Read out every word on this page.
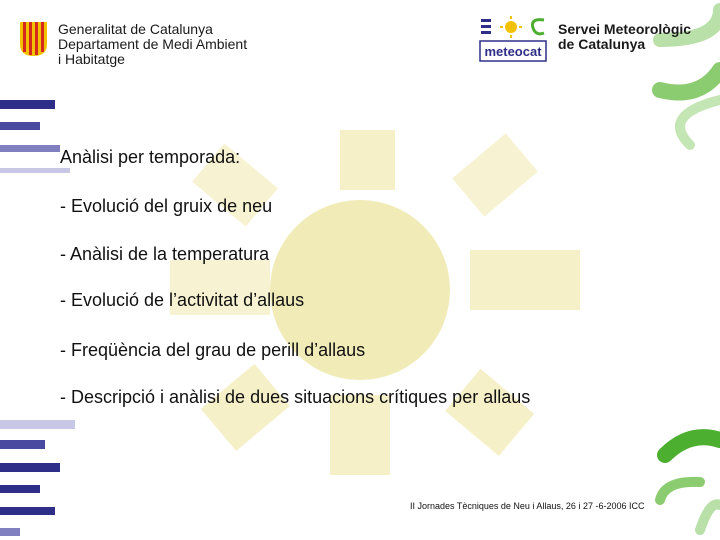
Generalitat de Catalunya
Departament de Medi Ambient
i Habitatge	meteocat
Servei Meteorològic
de Catalunya
Anàlisi per temporada:
- Evolució del gruix de neu
- Anàlisi de la temperatura
- Evolució de l’activitat d’allaus
- Freqüència del grau de perill d’allaus
- Descripció i anàlisi de dues situacions crítiques per allaus
II Jornades Tècniques de Neu i Allaus, 26 i 27 -6-2006 ICC
